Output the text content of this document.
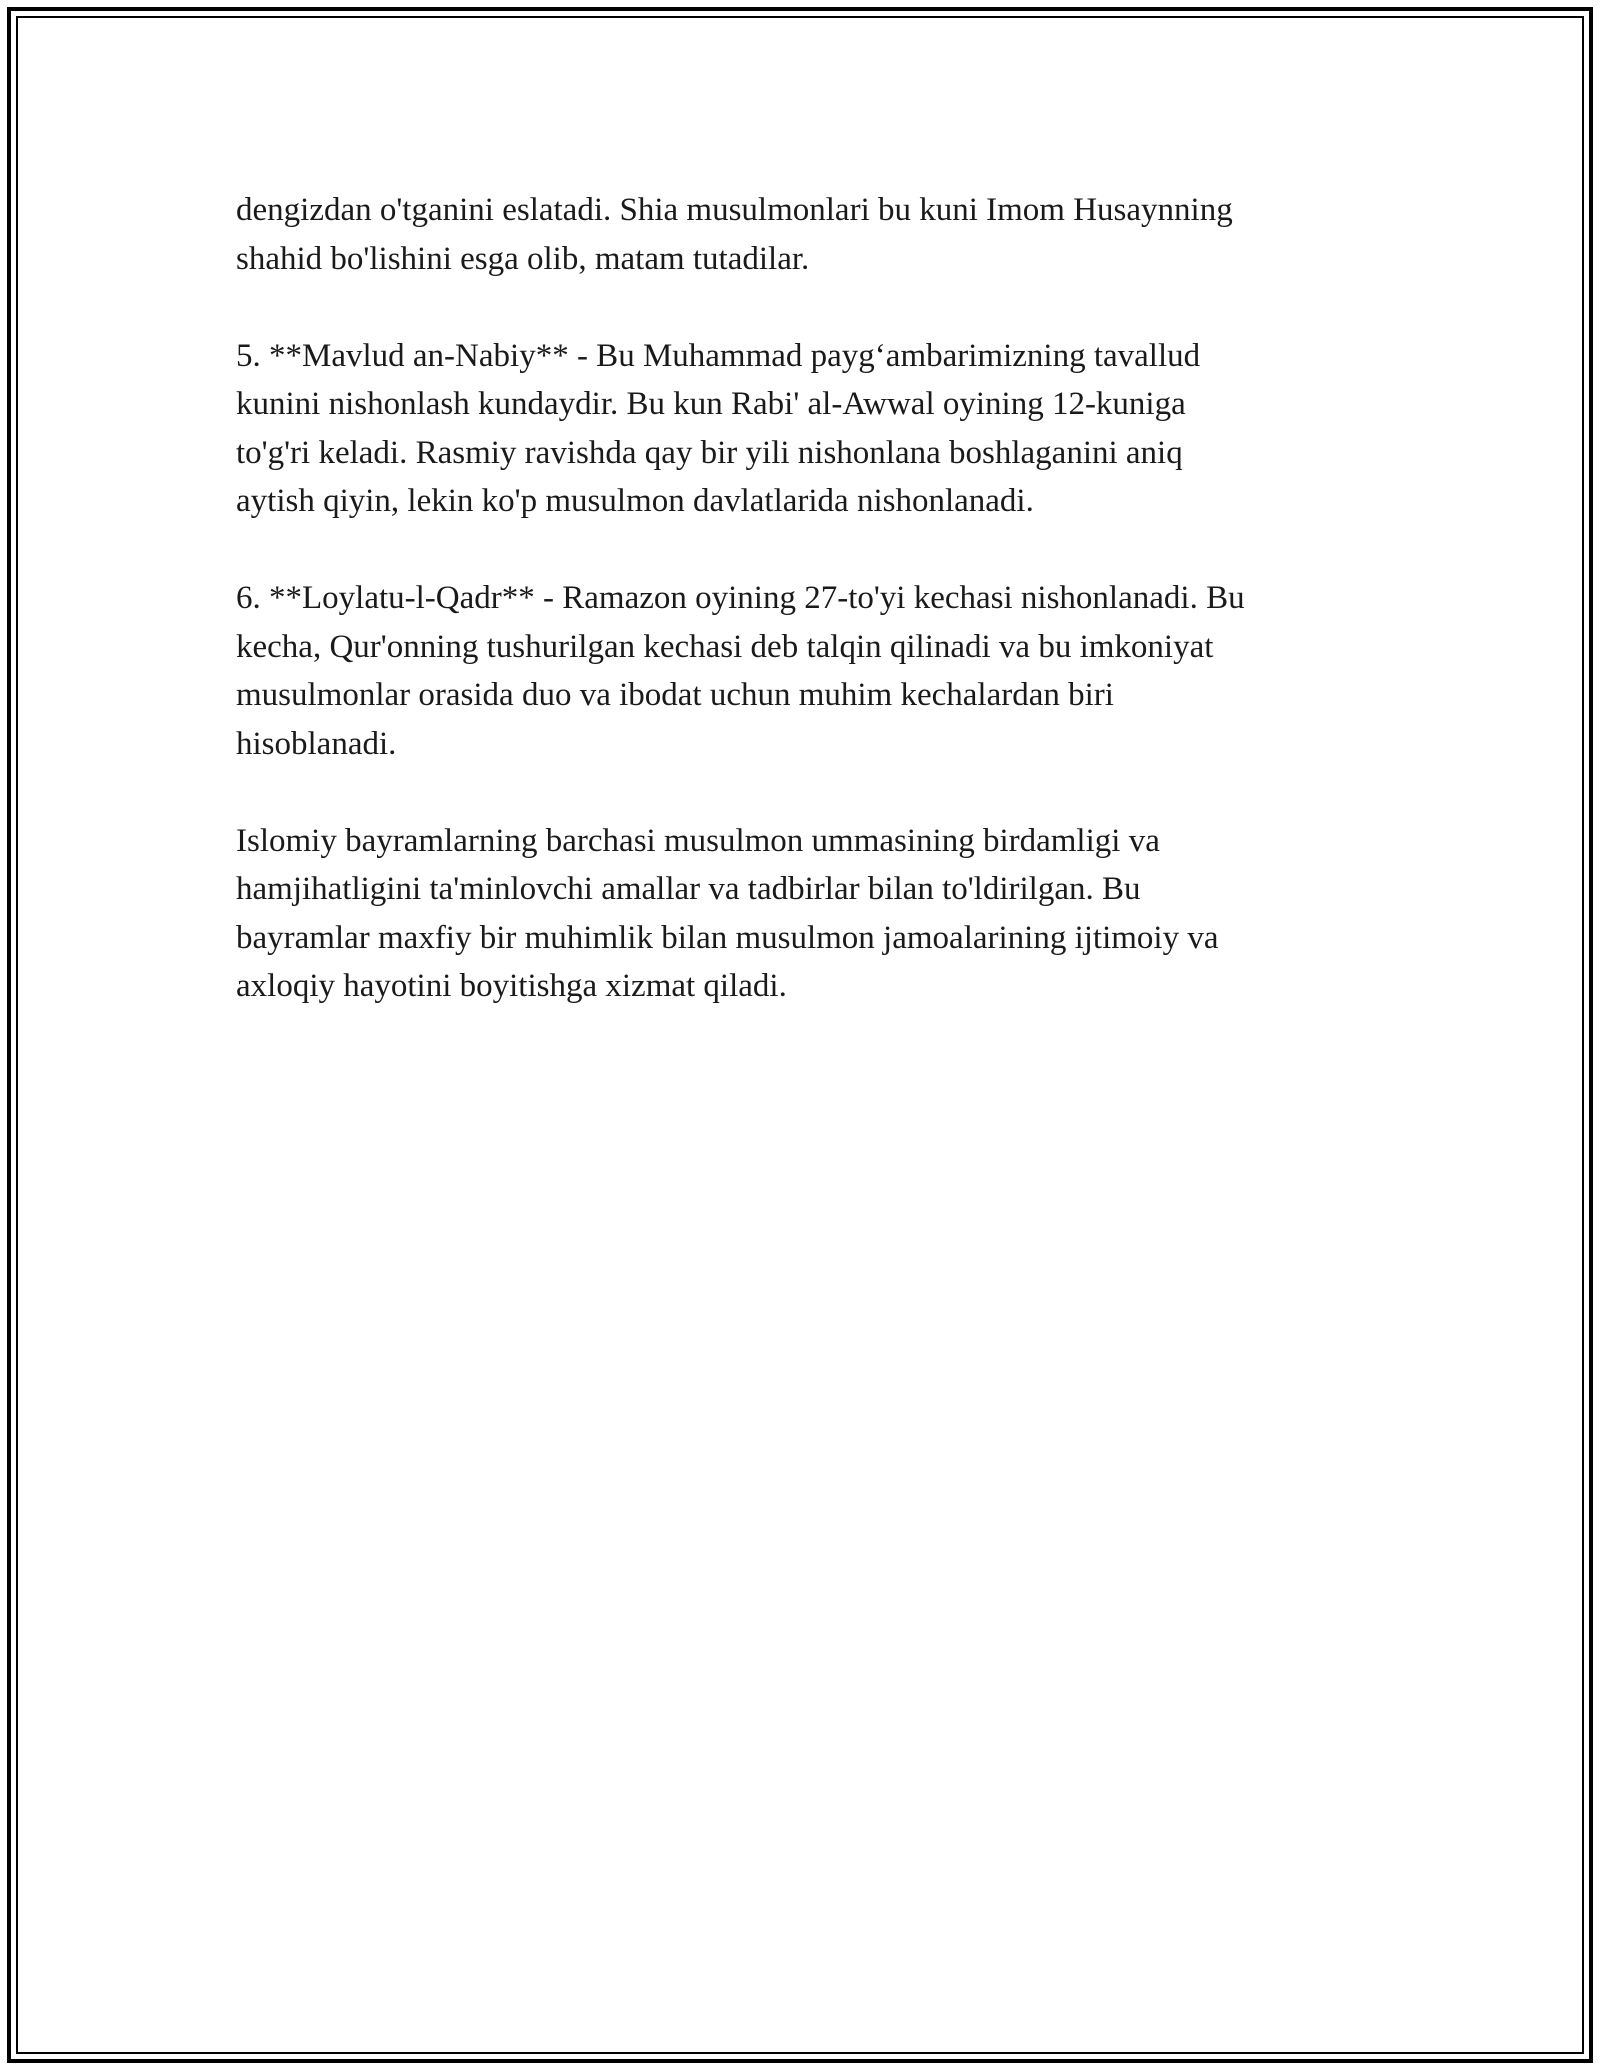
dengizdan o'tganini eslatadi. Shia musulmonlari bu kuni Imom Husaynning
shahid bo'lishini esga olib, matam tutadilar.

5. **Mavlud an-Nabiy** - Bu Muhammad payg‘ambarimizning tavallud
kunini nishonlash kundaydir. Bu kun Rabi' al-Awwal oyining 12-kuniga
to'g'ri keladi. Rasmiy ravishda qay bir yili nishonlana boshlaganini aniq
aytish qiyin, lekin ko'p musulmon davlatlarida nishonlanadi.

6. **Loylatu-l-Qadr** - Ramazon oyining 27-to'yi kechasi nishonlanadi. Bu
kecha, Qur'onning tushurilgan kechasi deb talqin qilinadi va bu imkoniyat
musulmonlar orasida duo va ibodat uchun muhim kechalardan biri
hisoblanadi.

Islomiy bayramlarning barchasi musulmon ummasining birdamligi va
hamjihatligini ta'minlovchi amallar va tadbirlar bilan to'ldirilgan. Bu
bayramlar maxfiy bir muhimlik bilan musulmon jamoalarining ijtimoiy va
axloqiy hayotini boyitishga xizmat qiladi.
